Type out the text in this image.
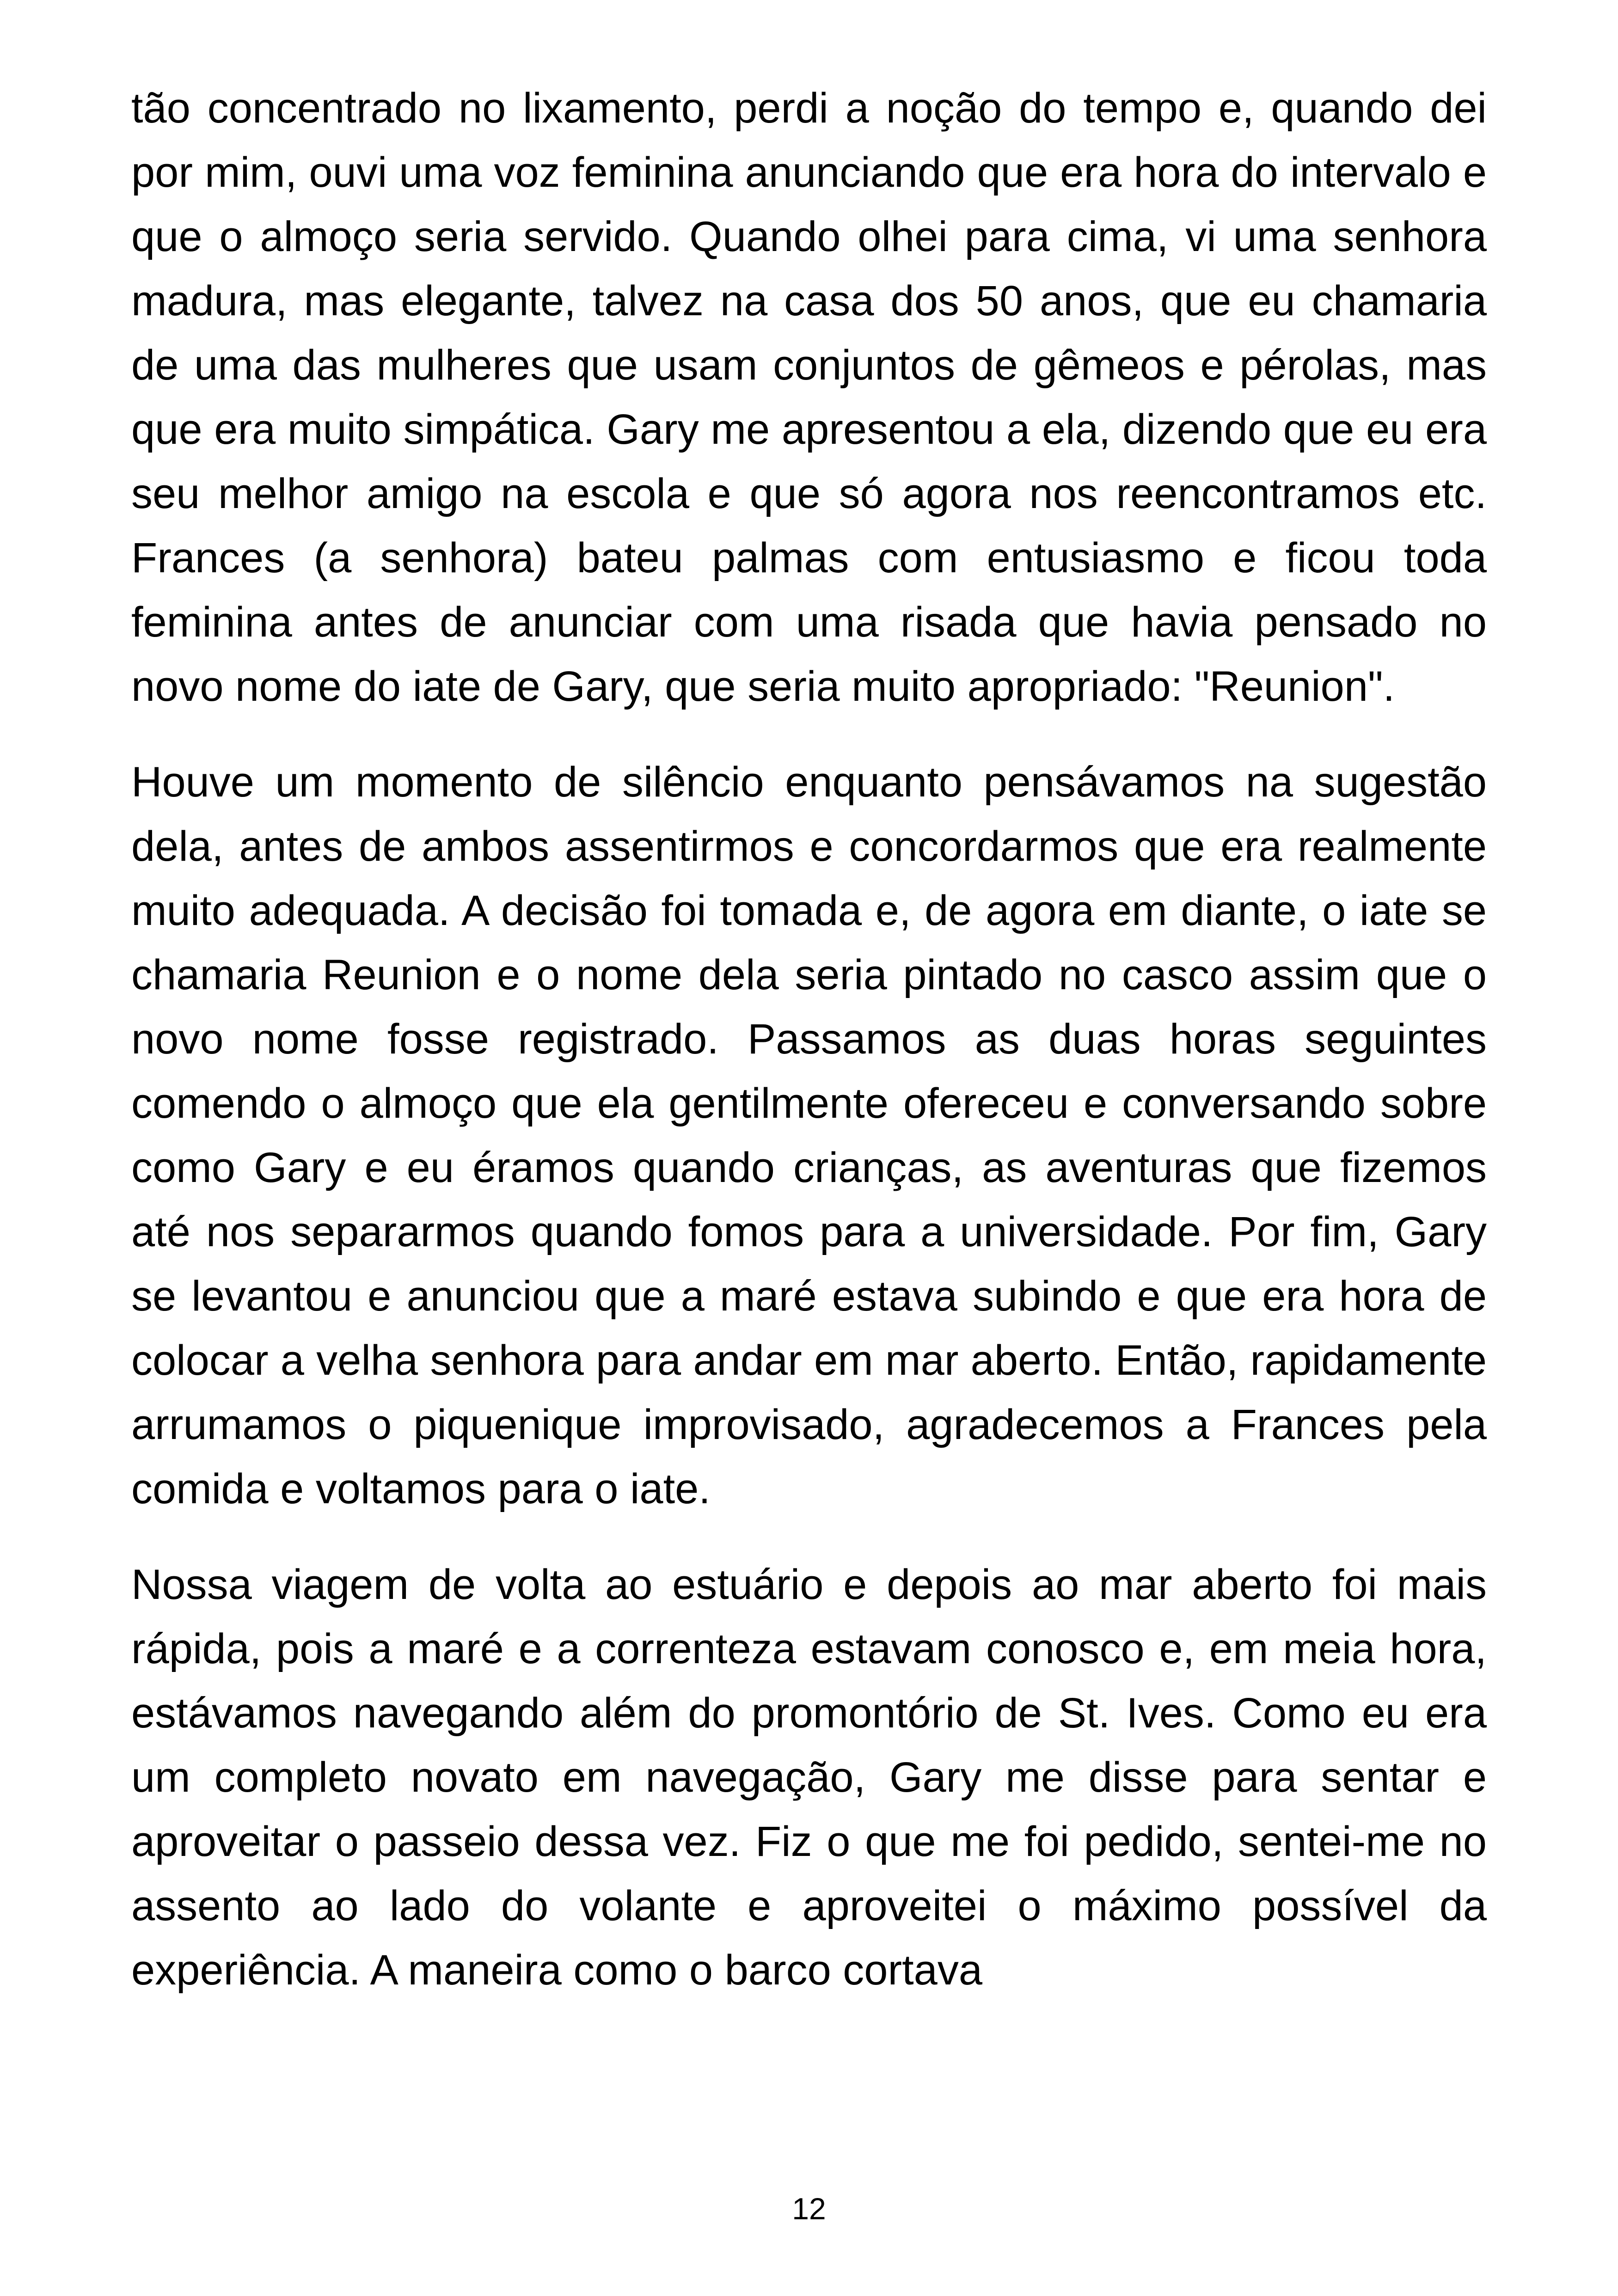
tão concentrado no lixamento, perdi a noção do tempo e, quando dei por mim, ouvi uma voz feminina anunciando que era hora do intervalo e que o almoço seria servido. Quando olhei para cima, vi uma senhora madura, mas elegante, talvez na casa dos 50 anos, que eu chamaria de uma das mulheres que usam conjuntos de gêmeos e pérolas, mas que era muito simpática. Gary me apresentou a ela, dizendo que eu era seu melhor amigo na escola e que só agora nos reencontramos etc. Frances (a senhora) bateu palmas com entusiasmo e ficou toda feminina antes de anunciar com uma risada que havia pensado no novo nome do iate de Gary, que seria muito apropriado: "Reunion".

Houve um momento de silêncio enquanto pensávamos na sugestão dela, antes de ambos assentirmos e concordarmos que era realmente muito adequada. A decisão foi tomada e, de agora em diante, o iate se chamaria Reunion e o nome dela seria pintado no casco assim que o novo nome fosse registrado. Passamos as duas horas seguintes comendo o almoço que ela gentilmente ofereceu e conversando sobre como Gary e eu éramos quando crianças, as aventuras que fizemos até nos separarmos quando fomos para a universidade. Por fim, Gary se levantou e anunciou que a maré estava subindo e que era hora de colocar a velha senhora para andar em mar aberto. Então, rapidamente arrumamos o piquenique improvisado, agradecemos a Frances pela comida e voltamos para o iate.

Nossa viagem de volta ao estuário e depois ao mar aberto foi mais rápida, pois a maré e a correnteza estavam conosco e, em meia hora, estávamos navegando além do promontório de St. Ives. Como eu era um completo novato em navegação, Gary me disse para sentar e aproveitar o passeio dessa vez. Fiz o que me foi pedido, sentei-me no assento ao lado do volante e aproveitei o máximo possível da experiência. A maneira como o barco cortava

12
